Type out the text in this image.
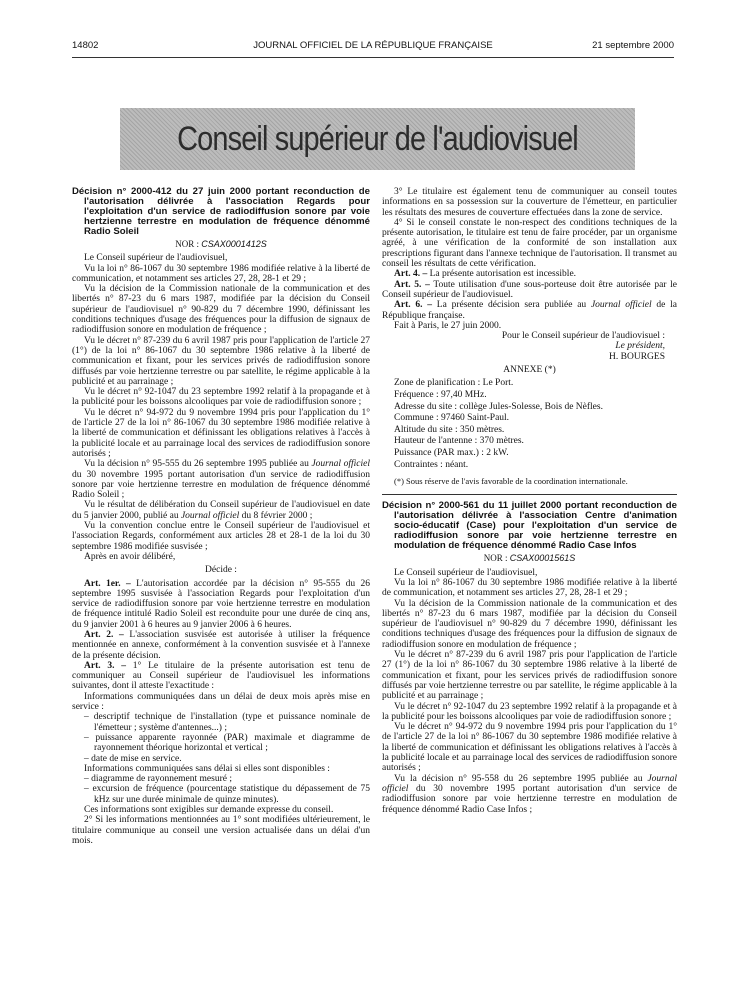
14802	JOURNAL OFFICIEL DE LA RÉPUBLIQUE FRANÇAISE	21 septembre 2000
Conseil supérieur de l'audiovisuel

Décision n° 2000-412 du 27 juin 2000 portant reconduction de l'autorisation délivrée à l'association Regards pour l'exploitation d'un service de radiodiffusion sonore par voie hertzienne terrestre en modulation de fréquence dénommé Radio Soleil

NOR : CSAX0001412S

Le Conseil supérieur de l'audiovisuel,

Vu la loi n° 86-1067 du 30 septembre 1986 modifiée relative à la liberté de communication, et notamment ses articles 27, 28, 28-1 et 29 ;

Vu la décision de la Commission nationale de la communication et des libertés n° 87-23 du 6 mars 1987, modifiée par la décision du Conseil supérieur de l'audiovisuel n° 90-829 du 7 décembre 1990, définissant les conditions techniques d'usage des fréquences pour la diffusion de signaux de radiodiffusion sonore en modulation de fréquence ;

Vu le décret n° 87-239 du 6 avril 1987 pris pour l'application de l'article 27 (1°) de la loi n° 86-1067 du 30 septembre 1986 relative à la liberté de communication et fixant, pour les services privés de radiodiffusion sonore diffusés par voie hertzienne terrestre ou par satellite, le régime applicable à la publicité et au parrainage ;

Vu le décret n° 92-1047 du 23 septembre 1992 relatif à la propagande et à la publicité pour les boissons alcooliques par voie de radiodiffusion sonore ;

Vu le décret n° 94-972 du 9 novembre 1994 pris pour l'application du 1° de l'article 27 de la loi n° 86-1067 du 30 septembre 1986 modifiée relative à la liberté de communication et définissant les obligations relatives à l'accès à la publicité locale et au parrainage local des services de radiodiffusion sonore autorisés ;

Vu la décision n° 95-555 du 26 septembre 1995 publiée au Journal officiel du 30 novembre 1995 portant autorisation d'un service de radiodiffusion sonore par voie hertzienne terrestre en modulation de fréquence dénommé Radio Soleil ;

Vu le résultat de délibération du Conseil supérieur de l'audiovisuel en date du 5 janvier 2000, publié au Journal officiel du 8 février 2000 ;

Vu la convention conclue entre le Conseil supérieur de l'audiovisuel et l'association Regards, conformément aux articles 28 et 28-1 de la loi du 30 septembre 1986 modifiée susvisée ;

Après en avoir délibéré,

Décide :

Art. 1er. – L'autorisation accordée par la décision n° 95-555 du 26 septembre 1995 susvisée à l'association Regards pour l'exploitation d'un service de radiodiffusion sonore par voie hertzienne terrestre en modulation de fréquence intitulé Radio Soleil est reconduite pour une durée de cinq ans, du 9 janvier 2001 à 6 heures au 9 janvier 2006 à 6 heures.

Art. 2. – L'association susvisée est autorisée à utiliser la fréquence mentionnée en annexe, conformément à la convention susvisée et à l'annexe de la présente décision.

Art. 3. – 1° Le titulaire de la présente autorisation est tenu de communiquer au Conseil supérieur de l'audiovisuel les informations suivantes, dont il atteste l'exactitude :

Informations communiquées dans un délai de deux mois après mise en service :

– descriptif technique de l'installation (type et puissance nominale de l'émetteur ; système d'antennes...) ;

– puissance apparente rayonnée (PAR) maximale et diagramme de rayonnement théorique horizontal et vertical ;

– date de mise en service.

Informations communiquées sans délai si elles sont disponibles :

– diagramme de rayonnement mesuré ;

– excursion de fréquence (pourcentage statistique du dépassement de 75 kHz sur une durée minimale de quinze minutes).

Ces informations sont exigibles sur demande expresse du conseil.

2° Si les informations mentionnées au 1° sont modifiées ultérieurement, le titulaire communique au conseil une version actualisée dans un délai d'un mois.

3° Le titulaire est également tenu de communiquer au conseil toutes informations en sa possession sur la couverture de l'émetteur, en particulier les résultats des mesures de couverture effectuées dans la zone de service.

4° Si le conseil constate le non-respect des conditions techniques de la présente autorisation, le titulaire est tenu de faire procéder, par un organisme agréé, à une vérification de la conformité de son installation aux prescriptions figurant dans l'annexe technique de l'autorisation. Il transmet au conseil les résultats de cette vérification.

Art. 4. – La présente autorisation est incessible.

Art. 5. – Toute utilisation d'une sous-porteuse doit être autorisée par le Conseil supérieur de l'audiovisuel.

Art. 6. – La présente décision sera publiée au Journal officiel de la République française.

Fait à Paris, le 27 juin 2000.

Pour le Conseil supérieur de l'audiovisuel :

Le président,

H. BOURGES

ANNEXE (*)

Zone de planification : Le Port.

Fréquence : 97,40 MHz.

Adresse du site : collège Jules-Solesse, Bois de Nèfles.

Commune : 97460 Saint-Paul.

Altitude du site : 350 mètres.

Hauteur de l'antenne : 370 mètres.

Puissance (PAR max.) : 2 kW.

Contraintes : néant.

(*) Sous réserve de l'avis favorable de la coordination internationale.

Décision n° 2000-561 du 11 juillet 2000 portant reconduction de l'autorisation délivrée à l'association Centre d'animation socio-éducatif (Case) pour l'exploitation d'un service de radiodiffusion sonore par voie hertzienne terrestre en modulation de fréquence dénommé Radio Case Infos

NOR : CSAX0001561S

Le Conseil supérieur de l'audiovisuel,

Vu la loi n° 86-1067 du 30 septembre 1986 modifiée relative à la liberté de communication, et notamment ses articles 27, 28, 28-1 et 29 ;

Vu la décision de la Commission nationale de la communication et des libertés n° 87-23 du 6 mars 1987, modifiée par la décision du Conseil supérieur de l'audiovisuel n° 90-829 du 7 décembre 1990, définissant les conditions techniques d'usage des fréquences pour la diffusion de signaux de radiodiffusion sonore en modulation de fréquence ;

Vu le décret n° 87-239 du 6 avril 1987 pris pour l'application de l'article 27 (1°) de la loi n° 86-1067 du 30 septembre 1986 relative à la liberté de communication et fixant, pour les services privés de radiodiffusion sonore diffusés par voie hertzienne terrestre ou par satellite, le régime applicable à la publicité et au parrainage ;

Vu le décret n° 92-1047 du 23 septembre 1992 relatif à la propagande et à la publicité pour les boissons alcooliques par voie de radiodiffusion sonore ;

Vu le décret n° 94-972 du 9 novembre 1994 pris pour l'application du 1° de l'article 27 de la loi n° 86-1067 du 30 septembre 1986 modifiée relative à la liberté de communication et définissant les obligations relatives à l'accès à la publicité locale et au parrainage local des services de radiodiffusion sonore autorisés ;

Vu la décision n° 95-558 du 26 septembre 1995 publiée au Journal officiel du 30 novembre 1995 portant autorisation d'un service de radiodiffusion sonore par voie hertzienne terrestre en modulation de fréquence dénommé Radio Case Infos ;
